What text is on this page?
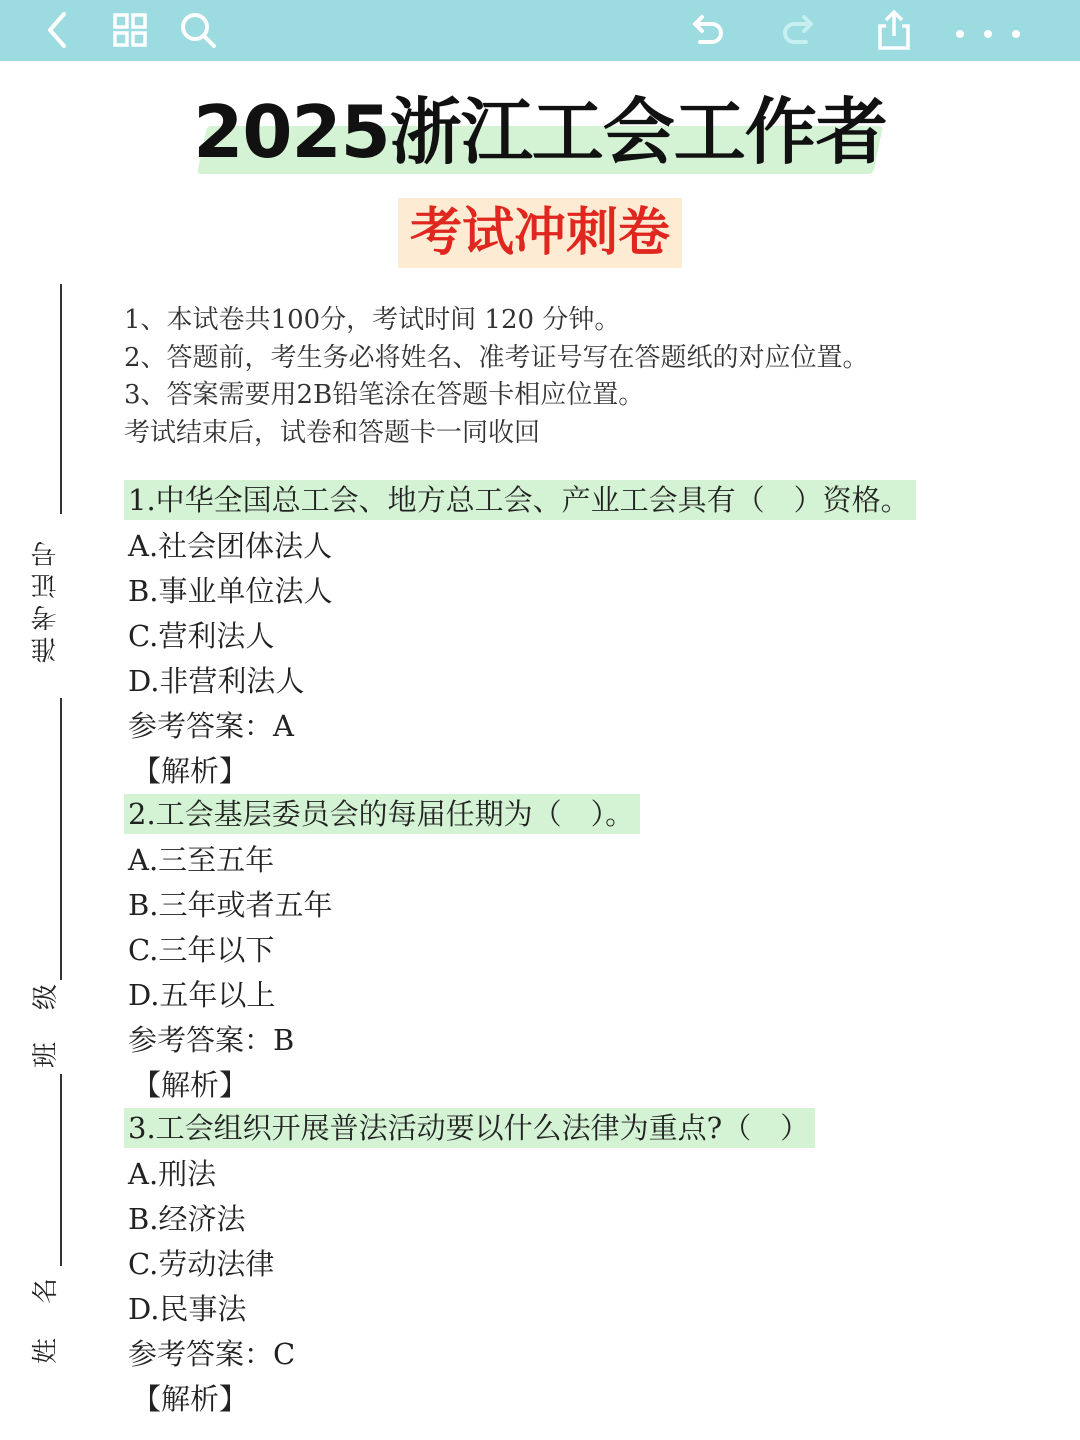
2025浙江工会工作者
考试冲刺卷
准考证号
级
班
名
姓
1、本试卷共100分，考试时间 120 分钟。
2、答题前，考生务必将姓名、准考证号写在答题纸的对应位置。
3、答案需要用2B铅笔涂在答题卡相应位置。
考试结束后，试卷和答题卡一同收回
1.中华全国总工会、地方总工会、产业工会具有（　）资格。
A.社会团体法人
B.事业单位法人
C.营利法人
D.非营利法人
参考答案：A
【解析】
2.工会基层委员会的每届任期为（　）。
A.三至五年
B.三年或者五年
C.三年以下
D.五年以上
参考答案：B
【解析】
3.工会组织开展普法活动要以什么法律为重点?（　）
A.刑法
B.经济法
C.劳动法律
D.民事法
参考答案：C
【解析】
